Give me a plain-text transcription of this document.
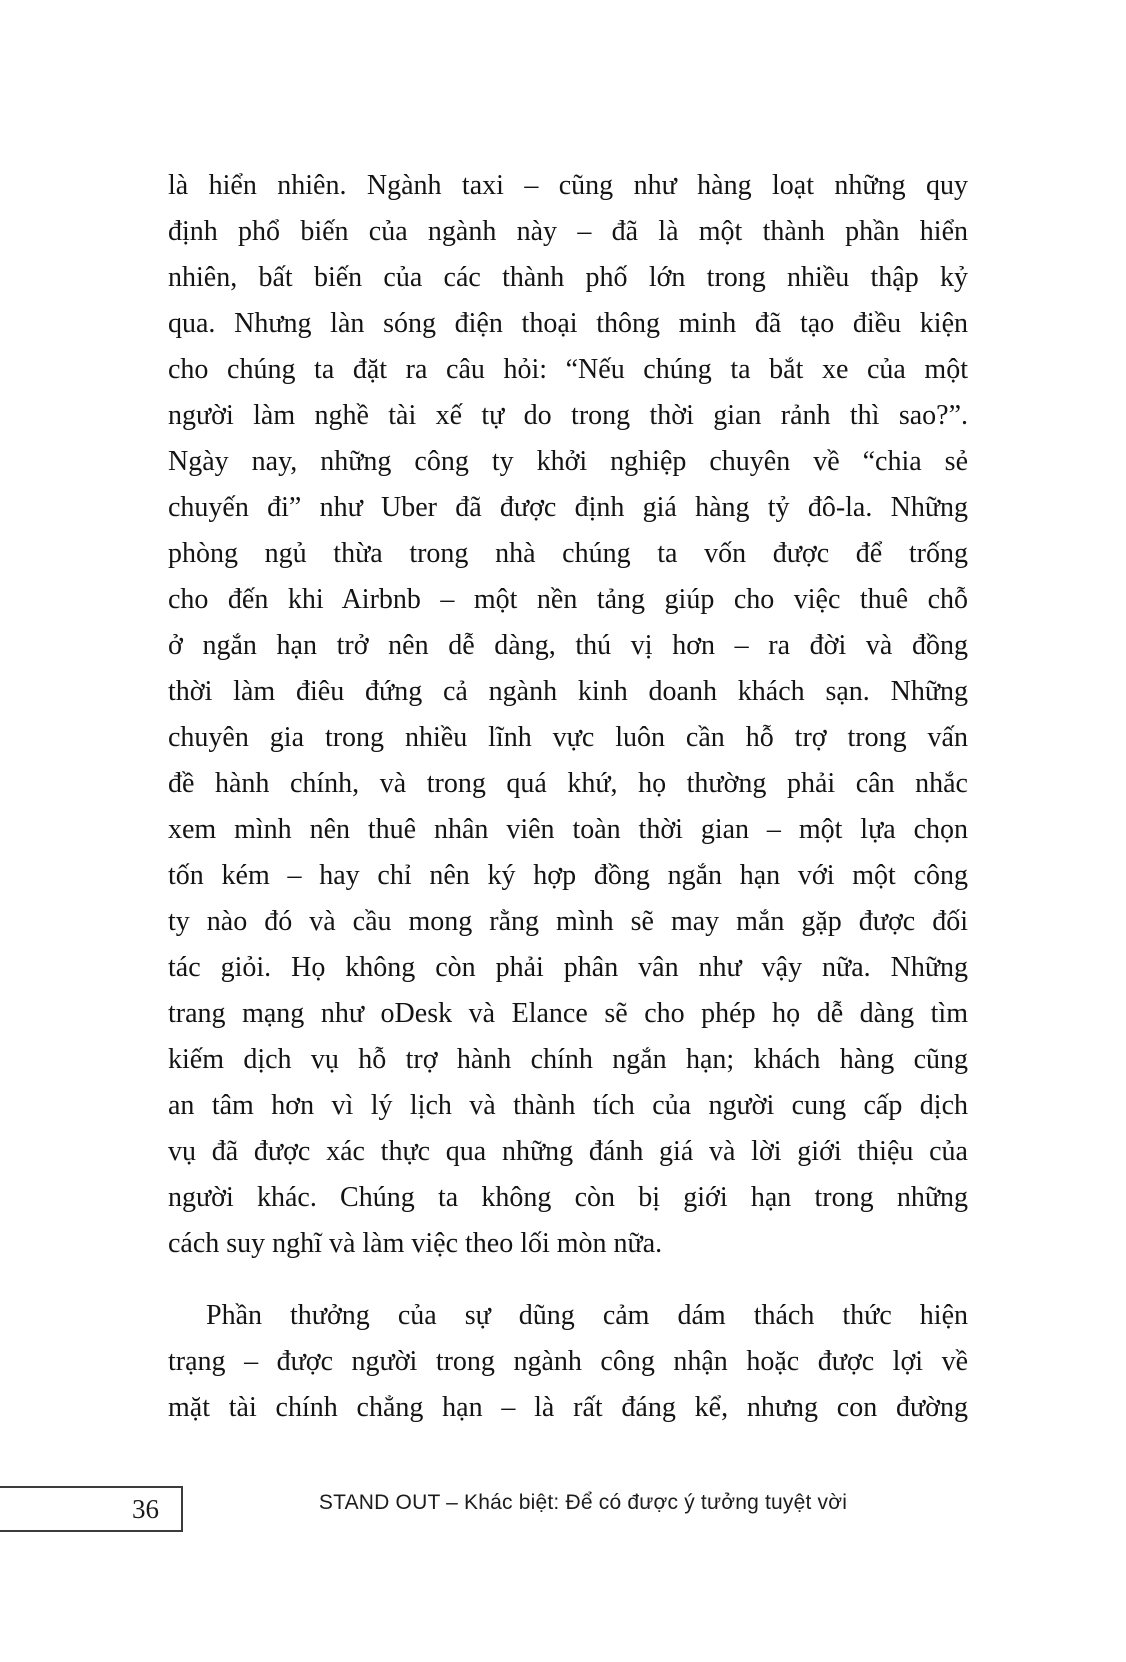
là hiển nhiên. Ngành taxi – cũng như hàng loạt những quy
định phổ biến của ngành này – đã là một thành phần hiển
nhiên, bất biến của các thành phố lớn trong nhiều thập kỷ
qua. Nhưng làn sóng điện thoại thông minh đã tạo điều kiện
cho chúng ta đặt ra câu hỏi: “Nếu chúng ta bắt xe của một
người làm nghề tài xế tự do trong thời gian rảnh thì sao?”.
Ngày nay, những công ty khởi nghiệp chuyên về “chia sẻ
chuyến đi” như Uber đã được định giá hàng tỷ đô-la. Những
phòng ngủ thừa trong nhà chúng ta vốn được để trống
cho đến khi Airbnb – một nền tảng giúp cho việc thuê chỗ
ở ngắn hạn trở nên dễ dàng, thú vị hơn – ra đời và đồng
thời làm điêu đứng cả ngành kinh doanh khách sạn. Những
chuyên gia trong nhiều lĩnh vực luôn cần hỗ trợ trong vấn
đề hành chính, và trong quá khứ, họ thường phải cân nhắc
xem mình nên thuê nhân viên toàn thời gian – một lựa chọn
tốn kém – hay chỉ nên ký hợp đồng ngắn hạn với một công
ty nào đó và cầu mong rằng mình sẽ may mắn gặp được đối
tác giỏi. Họ không còn phải phân vân như vậy nữa. Những
trang mạng như oDesk và Elance sẽ cho phép họ dễ dàng tìm
kiếm dịch vụ hỗ trợ hành chính ngắn hạn; khách hàng cũng
an tâm hơn vì lý lịch và thành tích của người cung cấp dịch
vụ đã được xác thực qua những đánh giá và lời giới thiệu của
người khác. Chúng ta không còn bị giới hạn trong những
cách suy nghĩ và làm việc theo lối mòn nữa.
Phần thưởng của sự dũng cảm dám thách thức hiện
trạng – được người trong ngành công nhận hoặc được lợi về
mặt tài chính chẳng hạn – là rất đáng kể, nhưng con đường
36	STAND OUT – Khác biệt: Để có được ý tưởng tuyệt vời
